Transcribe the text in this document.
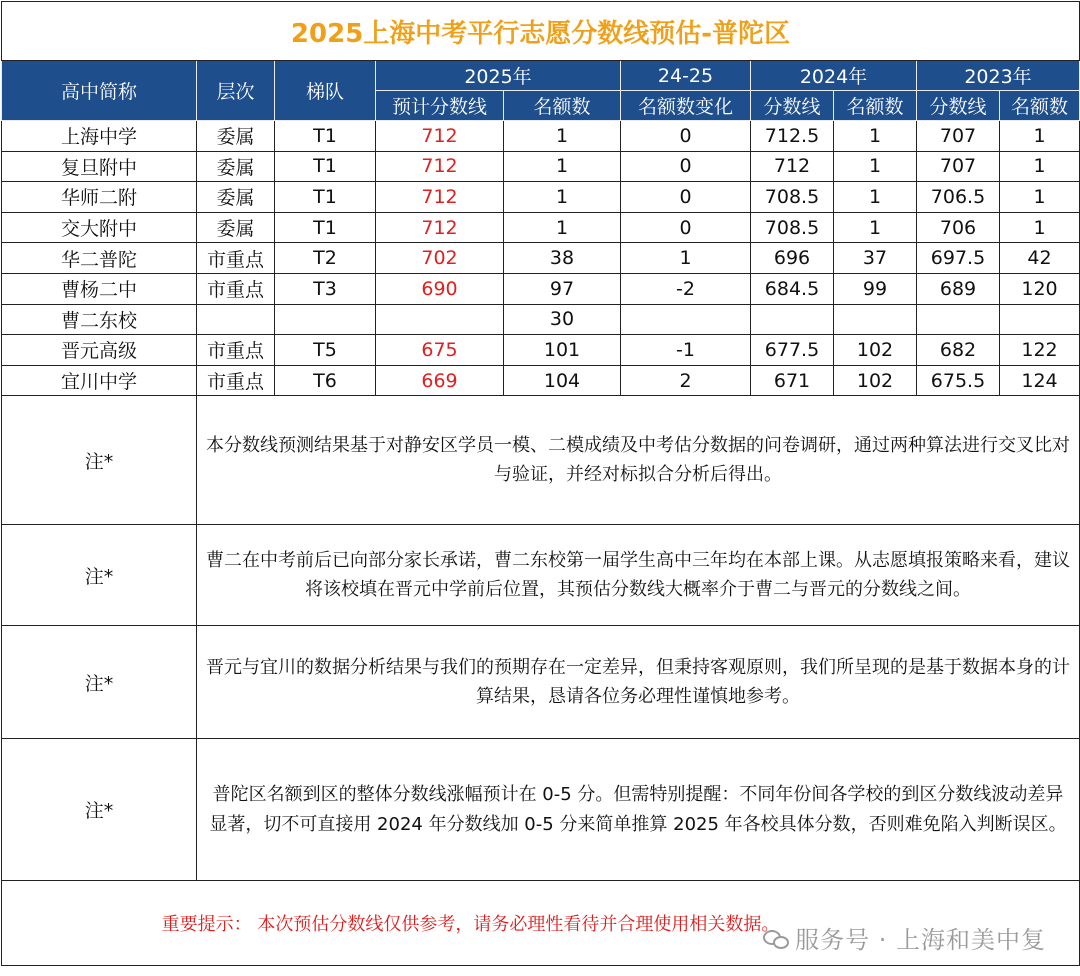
2025上海中考平行志愿分数线预估-普陀区									
高中简称	层次	梯队	2025年		24-25	2024年		2023年	
			预计分数线	名额数	名额数变化	分数线	名额数	分数线	名额数
上海中学	委属	T1	712	1	0	712.5	1	707	1
复旦附中	委属	T1	712	1	0	712	1	707	1
华师二附	委属	T1	712	1	0	708.5	1	706.5	1
交大附中	委属	T1	712	1	0	708.5	1	706	1
华二普陀	市重点	T2	702	38	1	696	37	697.5	42
曹杨二中	市重点	T3	690	97	-2	684.5	99	689	120
曹二东校				30					
晋元高级	市重点	T5	675	101	-1	677.5	102	682	122
宜川中学	市重点	T6	669	104	2	671	102	675.5	124
注*	本分数线预测结果基于对静安区学员一模、二模成绩及中考估分数据的问卷调研，通过两种算法进行交叉比对与验证，并经对标拟合分析后得出。								
注*	曹二在中考前后已向部分家长承诺，曹二东校第一届学生高中三年均在本部上课。从志愿填报策略来看，建议将该校填在晋元中学前后位置，其预估分数线大概率介于曹二与晋元的分数线之间。								
注*	晋元与宜川的数据分析结果与我们的预期存在一定差异，但秉持客观原则，我们所呈现的是基于数据本身的计算结果，恳请各位务必理性谨慎地参考。								
注*	普陀区名额到区的整体分数线涨幅预计在 0-5 分。但需特别提醒：不同年份间各学校的到区分数线波动差异显著，切不可直接用 2024 年分数线加 0-5 分来简单推算 2025 年各校具体分数，否则难免陷入判断误区。								
重要提示： 本次预估分数线仅供参考，请务必理性看待并合理使用相关数据。									
服务号 · 上海和美中复
